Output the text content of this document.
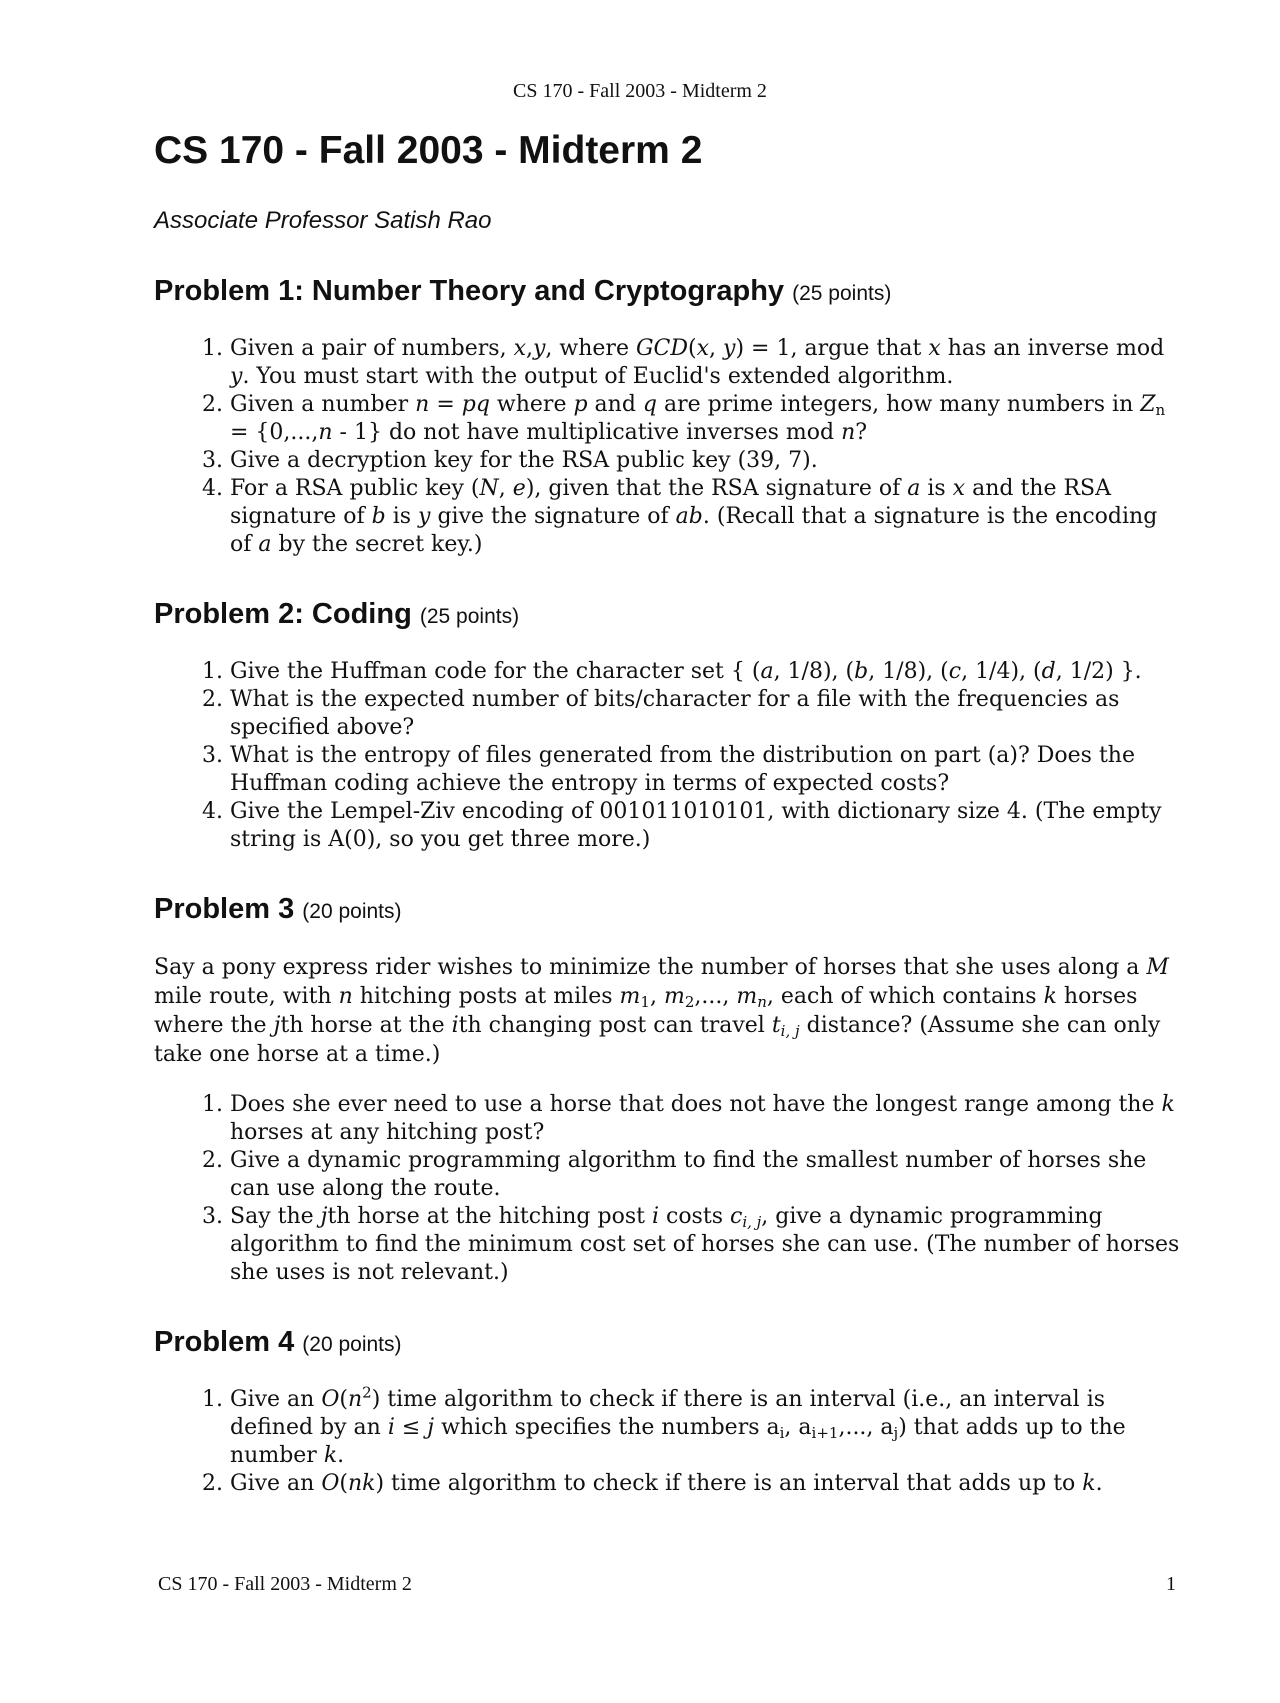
CS 170 - Fall 2003 - Midterm 2
CS 170 - Fall 2003 - Midterm 2
Associate Professor Satish Rao
Problem 1: Number Theory and Cryptography (25 points)
1. Given a pair of numbers, x,y, where GCD(x, y) = 1, argue that x has an inverse mod y. You must start with the output of Euclid's extended algorithm.
2. Given a number n = pq where p and q are prime integers, how many numbers in $Z_n = \{0,...,n - 1\}$ do not have multiplicative inverses mod n?
3. Give a decryption key for the RSA public key (39, 7).
4. For a RSA public key (N, e), given that the RSA signature of a is x and the RSA signature of b is y give the signature of ab. (Recall that a signature is the encoding of a by the secret key.)
Problem 2: Coding (25 points)
1. Give the Huffman code for the character set { (a, 1/8), (b, 1/8), (c, 1/4), (d, 1/2) }.
2. What is the expected number of bits/character for a file with the frequencies as specified above?
3. What is the entropy of files generated from the distribution on part (a)? Does the Huffman coding achieve the entropy in terms of expected costs?
4. Give the Lempel-Ziv encoding of 001011010101, with dictionary size 4. (The empty string is A(0), so you get three more.)
Problem 3 (20 points)

Say a pony express rider wishes to minimize the number of horses that she uses along a M mile route, with n hitching posts at miles $m_1$, $m_2$,..., $m_n$, each of which contains k horses where the jth horse at the ith changing post can travel $t_{i, j}$ distance? (Assume she can only take one horse at a time.)

1. Does she ever need to use a horse that does not have the longest range among the k horses at any hitching post?
2. Give a dynamic programming algorithm to find the smallest number of horses she can use along the route.
3. Say the jth horse at the hitching post i costs $c_{i, j}$, give a dynamic programming algorithm to find the minimum cost set of horses she can use. (The number of horses she uses is not relevant.)
Problem 4 (20 points)
1. Give an $O(n^2)$ time algorithm to check if there is an interval (i.e., an interval is defined by an i ≤ j which specifies the numbers $a_i$, $a_{i+1}$,..., $a_j$) that adds up to the number k.
2. Give an O(nk) time algorithm to check if there is an interval that adds up to k.
CS 170 - Fall 2003 - Midterm 2	1
